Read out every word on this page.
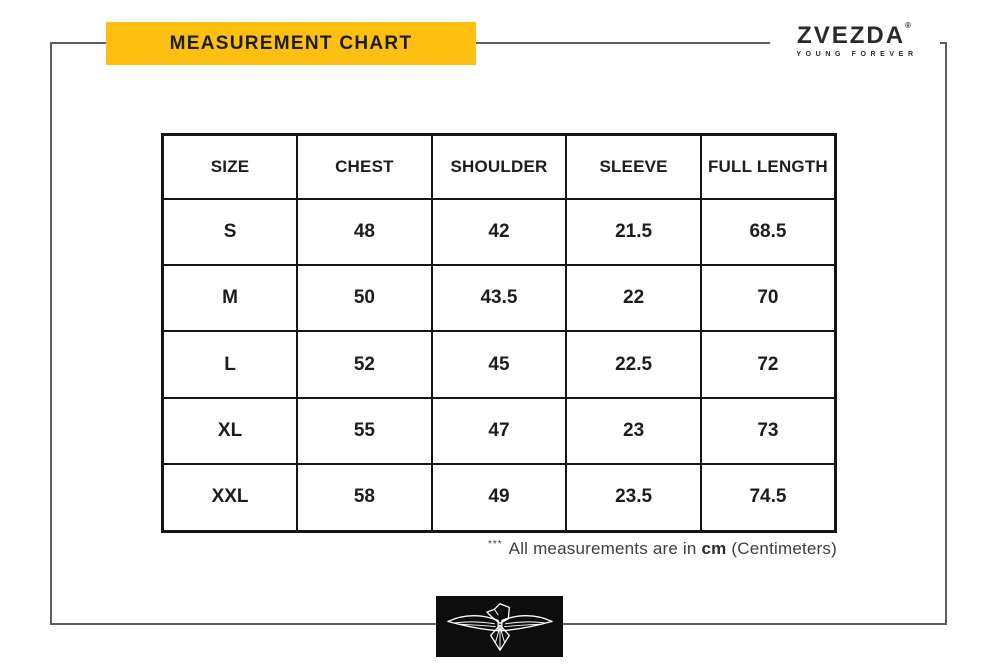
MEASUREMENT CHART	ZVEZDA®
YOUNG FOREVER
SIZE	CHEST	SHOULDER	SLEEVE	FULL LENGTH
S	48	42	21.5	68.5
M	50	43.5	22	70
L	52	45	22.5	72
XL	55	47	23	73
XXL	58	49	23.5	74.5
*** All measurements are in cm (Centimeters)
